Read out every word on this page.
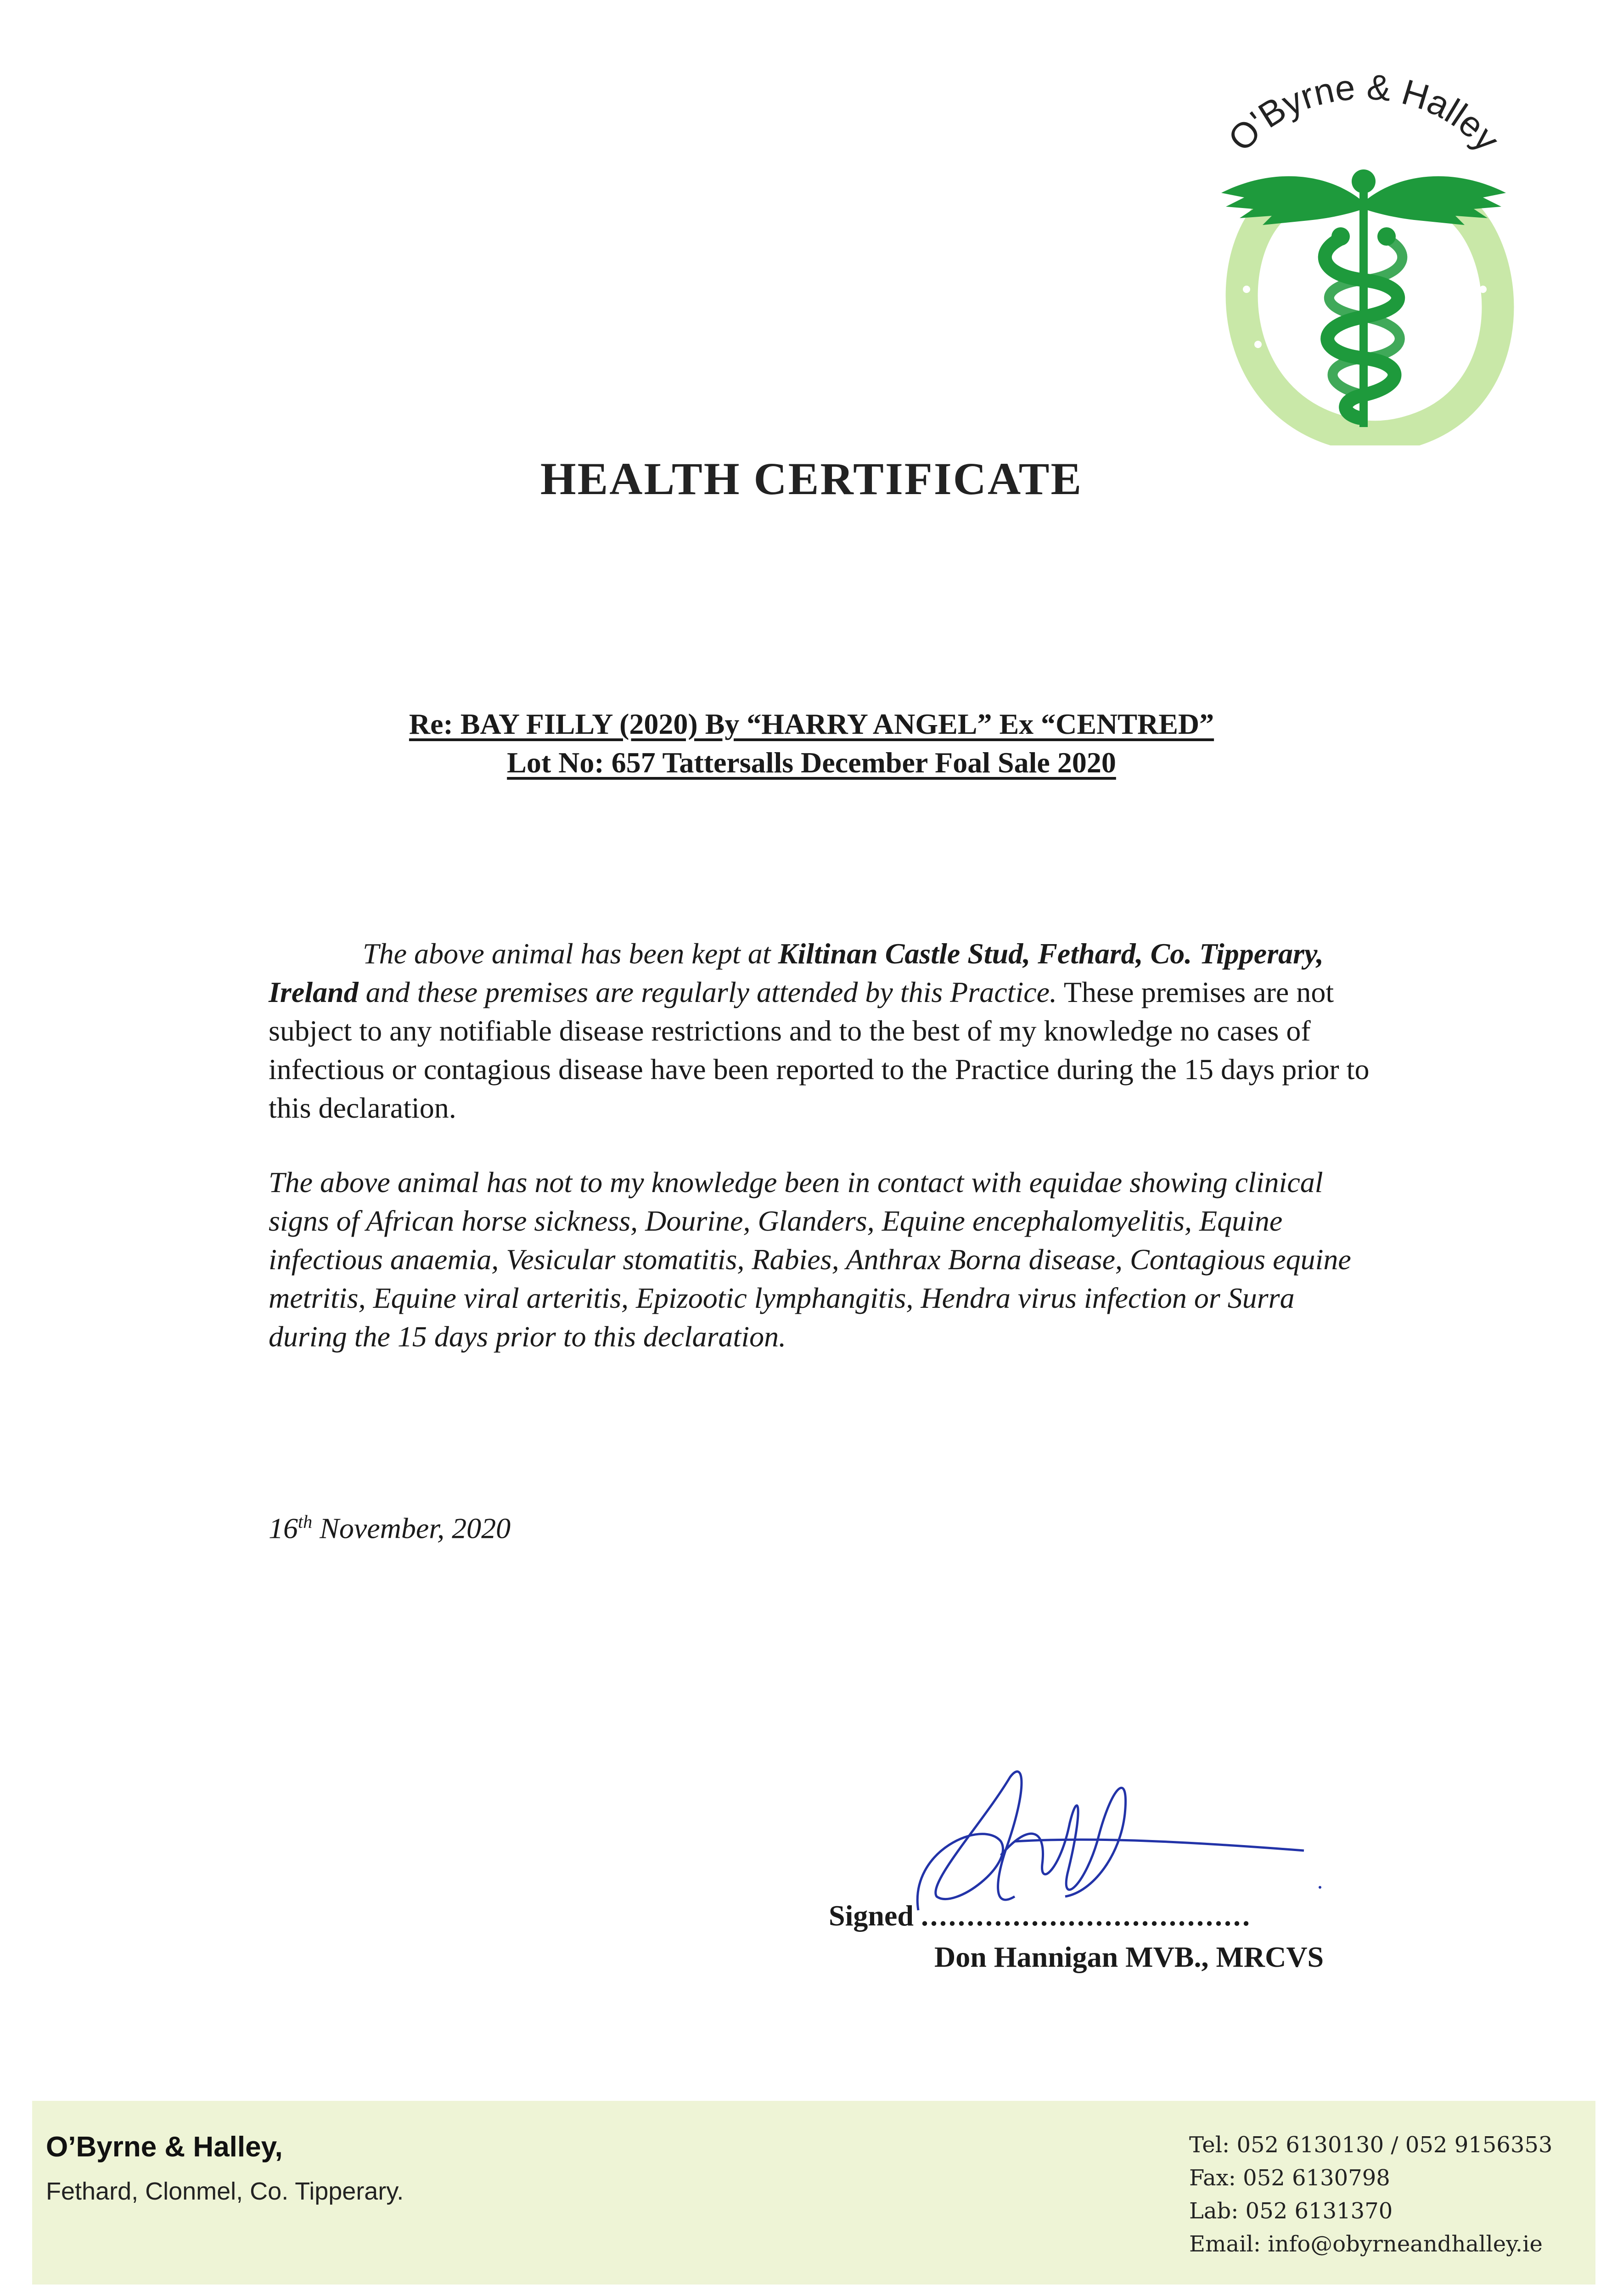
O'Byrne & Halley
HEALTH CERTIFICATE
Re: BAY FILLY (2020) By “HARRY ANGEL” Ex “CENTRED”
Lot No: 657 Tattersalls December Foal Sale 2020

The above animal has been kept at Kiltinan Castle Stud, Fethard, Co. Tipperary, Ireland and these premises are regularly attended by this Practice. These premises are not subject to any notifiable disease restrictions and to the best of my knowledge no cases of infectious or contagious disease have been reported to the Practice during the 15 days prior to this declaration.

The above animal has not to my knowledge been in contact with equidae showing clinical signs of African horse sickness, Dourine, Glanders, Equine encephalomyelitis, Equine infectious anaemia, Vesicular stomatitis, Rabies, Anthrax Borna disease, Contagious equine metritis, Equine viral arteritis, Epizootic lymphangitis, Hendra virus infection or Surra during the 15 days prior to this declaration.

16th November, 2020
Signed ....................................
Don Hannigan MVB., MRCVS
O’Byrne & Halley,
Fethard, Clonmel, Co. Tipperary.
Tel: 052 6130130 / 052 9156353
Fax: 052 6130798
Lab: 052 6131370
Email: info@obyrneandhalley.ie
